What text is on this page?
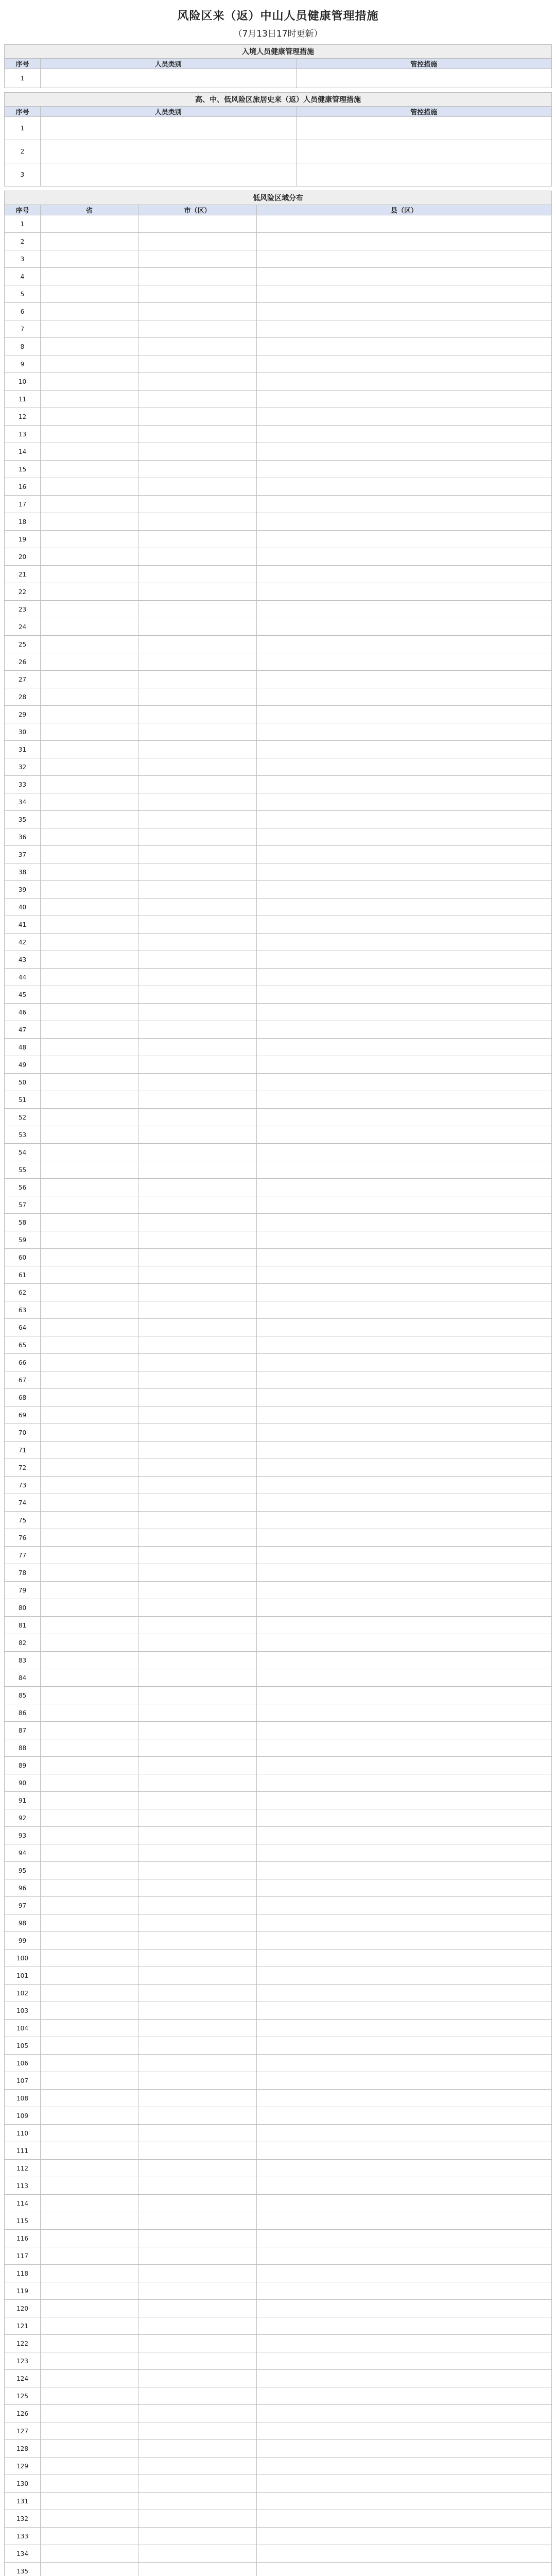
风险区来（返）中山人员健康管理措施
（7月13日17时更新）
入境人员健康管理措施		
序号	人员类别	管控措施
1		
高、中、低风险区旅居史来（返）人员健康管理措施		
序号	人员类别	管控措施
1		
2		
3		
低风险区域分布			
序号	省	市（区）	县（区）
1			
2			
3			
4			
5			
6			
7			
8			
9			
10			
11			
12			
13			
14			
15			
16			
17			
18			
19			
20			
21			
22			
23			
24			
25			
26			
27			
28			
29			
30			
31			
32			
33			
34			
35			
36			
37			
38			
39			
40			
41			
42			
43			
44			
45			
46			
47			
48			
49			
50			
51			
52			
53			
54			
55			
56			
57			
58			
59			
60			
61			
62			
63			
64			
65			
66			
67			
68			
69			
70			
71			
72			
73			
74			
75			
76			
77			
78			
79			
80			
81			
82			
83			
84			
85			
86			
87			
88			
89			
90			
91			
92			
93			
94			
95			
96			
97			
98			
99			
100			
101			
102			
103			
104			
105			
106			
107			
108			
109			
110			
111			
112			
113			
114			
115			
116			
117			
118			
119			
120			
121			
122			
123			
124			
125			
126			
127			
128			
129			
130			
131			
132			
133			
134			
135			
